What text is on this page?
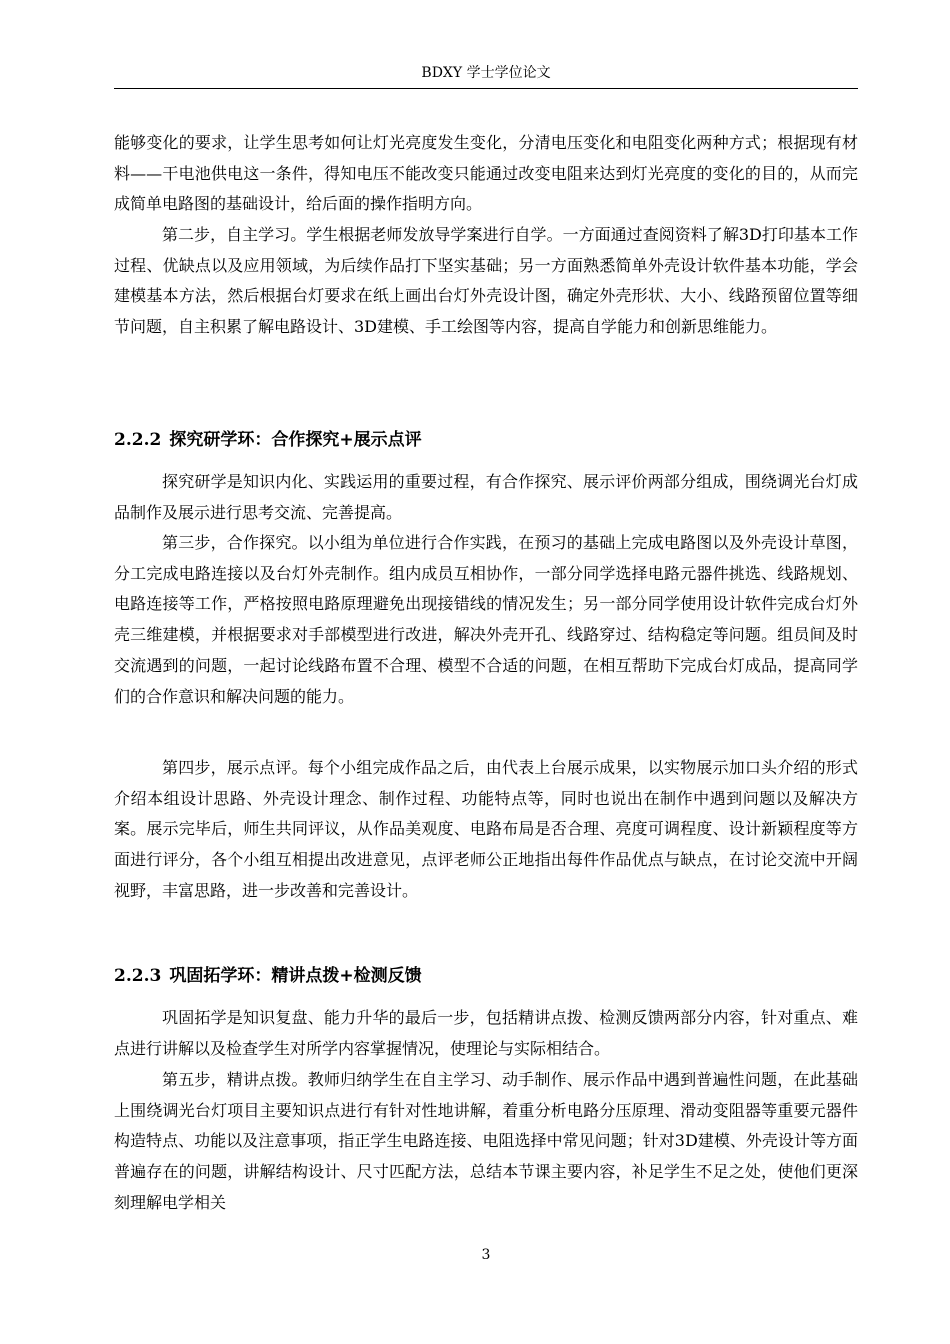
BDXY 学士学位论文

能够变化的要求，让学生思考如何让灯光亮度发生变化，分清电压变化和电阻变化两种方式；根据现有材料——干电池供电这一条件，得知电压不能改变只能通过改变电阻来达到灯光亮度的变化的目的，从而完成简单电路图的基础设计，给后面的操作指明方向。

第二步，自主学习。学生根据老师发放导学案进行自学。一方面通过查阅资料了解3D打印基本工作过程、优缺点以及应用领域，为后续作品打下坚实基础；另一方面熟悉简单外壳设计软件基本功能，学会建模基本方法，然后根据台灯要求在纸上画出台灯外壳设计图，确定外壳形状、大小、线路预留位置等细节问题，自主积累了解电路设计、3D建模、手工绘图等内容，提高自学能力和创新思维能力。

2.2.2 探究研学环：合作探究+展示点评

探究研学是知识内化、实践运用的重要过程，有合作探究、展示评价两部分组成，围绕调光台灯成品制作及展示进行思考交流、完善提高。

第三步，合作探究。以小组为单位进行合作实践，在预习的基础上完成电路图以及外壳设计草图，分工完成电路连接以及台灯外壳制作。组内成员互相协作，一部分同学选择电路元器件挑选、线路规划、电路连接等工作，严格按照电路原理避免出现接错线的情况发生；另一部分同学使用设计软件完成台灯外壳三维建模，并根据要求对手部模型进行改进，解决外壳开孔、线路穿过、结构稳定等问题。组员间及时交流遇到的问题，一起讨论线路布置不合理、模型不合适的问题，在相互帮助下完成台灯成品，提高同学们的合作意识和解决问题的能力。

第四步，展示点评。每个小组完成作品之后，由代表上台展示成果，以实物展示加口头介绍的形式介绍本组设计思路、外壳设计理念、制作过程、功能特点等，同时也说出在制作中遇到问题以及解决方案。展示完毕后，师生共同评议，从作品美观度、电路布局是否合理、亮度可调程度、设计新颖程度等方面进行评分，各个小组互相提出改进意见，点评老师公正地指出每件作品优点与缺点，在讨论交流中开阔视野，丰富思路，进一步改善和完善设计。

2.2.3 巩固拓学环：精讲点拨+检测反馈

巩固拓学是知识复盘、能力升华的最后一步，包括精讲点拨、检测反馈两部分内容，针对重点、难点进行讲解以及检查学生对所学内容掌握情况，使理论与实际相结合。

第五步，精讲点拨。教师归纳学生在自主学习、动手制作、展示作品中遇到普遍性问题，在此基础上围绕调光台灯项目主要知识点进行有针对性地讲解，着重分析电路分压原理、滑动变阻器等重要元器件构造特点、功能以及注意事项，指正学生电路连接、电阻选择中常见问题；针对3D建模、外壳设计等方面普遍存在的问题，讲解结构设计、尺寸匹配方法，总结本节课主要内容，补足学生不足之处，使他们更深刻理解电学相关

3
